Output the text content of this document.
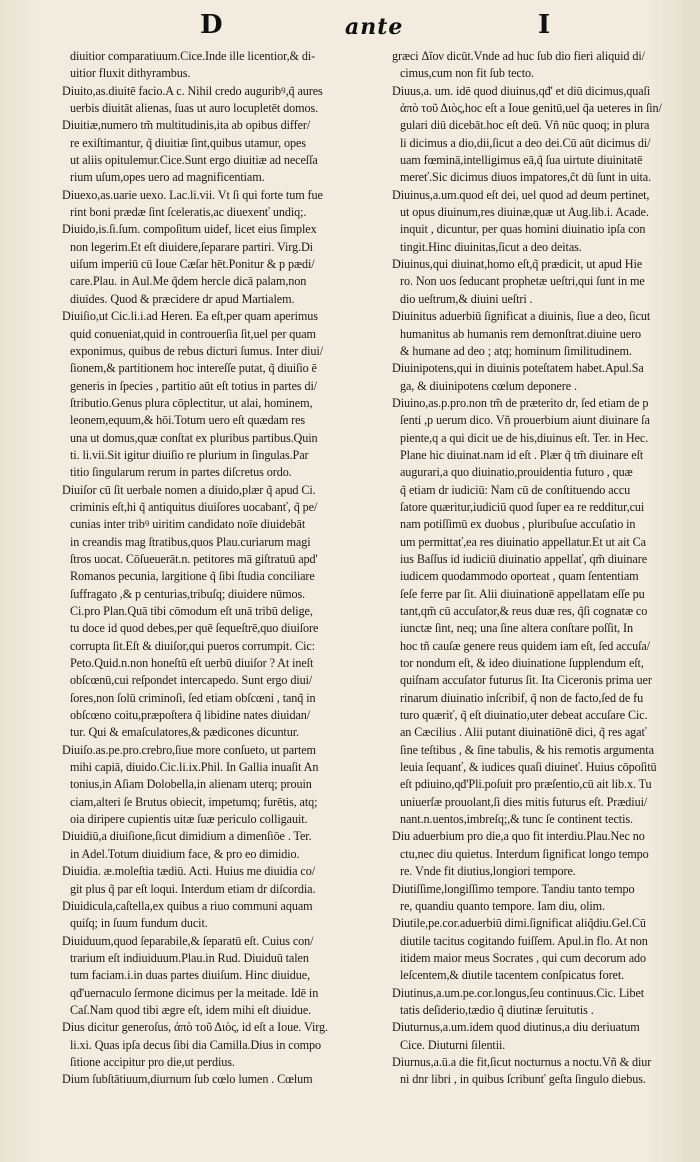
D	ante	I
diuitior comparatiuum.Cice.Inde ille licentior,& di-
uitior fluxit dithyrambus.
Diuito,as.diuitē facio.A c. Nihil credo auguribꝰ,q̃ aures
uerbis diuitāt alienas, ſuas ut auro locupletēt domos.
Diuitiæ,numero tm̃ multitudinis,ita ab opibus differ/
re exiſtimantur, q̃ diuitiæ ſint,quibus utamur, opes
ut aliis opitulemur.Cice.Sunt ergo diuitiæ ad neceſſa
rium uſum,opes uero ad magnificentiam.
Diuexo,as.uarie uexo. Lac.li.vii. Vt ſi qui forte tum fue
rint boni prædæ ſint ſceleratis,ac diuexenť undiq;.
Diuido,is.ſi.ſum. compoſitum uidef, licet eius ſimplex
non legerim.Et eſt diuidere,ſeparare partiri. Virg.Di
uiſum imperiū cū Ioue Cæſar hēt.Ponitur & p pædi/
care.Plau. in Aul.Me q̃dem hercle dicā palam,non
diuides. Quod & præcidere dr apud Martialem.
Diuiſio,ut Cic.li.i.ad Heren. Ea eſt,per quam aperimus
quid conueniat,quid in controuerſia ſit,uel per quam
exponimus, quibus de rebus dicturi ſumus. Inter diui/
ſionem,& partitionem hoc intereſſe putat, q̃ diuiſio ē
generis in ſpecies , partitio aūt eſt totius in partes di/
ſtributio.Genus plura cōplectitur, ut alai, hominem,
leonem,equum,& hōi.Totum uero eſt quædam res
una ut domus,quæ conſtat ex pluribus partibus.Quin
ti. li.vii.Sit igitur diuiſio re plurium in ſingulas.Par
titio ſingularum rerum in partes diſcretus ordo.
Diuiſor cū ſit uerbale nomen a diuido,plær q̃ apud Ci.
criminis eſt,hi q̃ antiquitus diuiſores uocabanť, q̃ pe/
cunias inter tribꝰ uiritim candidato noīe diuidebāt
in creandis mag ſtratibus,quos Plau.curiarum magi
ſtros uocat. Cōſueuerāt.n. petitores mā giſtratuū apd'
Romanos pecunia, largitione q̃ ſibi ſtudia conciliare
ſuffragato ,& p centurias,tribuſq; diuidere nūmos.
Ci.pro Plan.Quā tibi cōmodum eſt unā tribū delige,
tu doce id quod debes,per quē ſequeſtrē,quo diuiſore
corrupta ſit.Eſt & diuiſor,qui pueros corrumpit. Cic:
Peto.Quid.n.non honeſtū eſt uerbū diuiſor ? At ineſt
obſcœnū,cui reſpondet intercapedo. Sunt ergo diui/
ſores,non ſolū criminoſi, ſed etiam obſcœni , tanq̃ in
obſcœno coitu,præpoſtera q̃ libidine nates diuidan/
tur. Qui & emaſculatores,& pædicones dicuntur.
Diuiſo.as.pe.pro.crebro,ſiue more conſueto, ut partem
mihi capiā, diuido.Cic.li.ix.Phil. In Gallia inuaſit An
tonius,in Aſiam Dolobella,in alienam uterq; prouin
ciam,alteri ſe Brutus obiecit, impetumq; furētis, atq;
oia diripere cupientis uitæ ſuæ periculo colligauit.
Diuidiū,a diuiſione,ſicut dimidium a dimenſiōe . Ter.
in Adel.Totum diuidium face, & pro eo dimidio.
Diuidia. æ.moleſtia tædiū. Acti. Huius me diuidia co/
git plus q̃ par eſt loqui. Interdum etiam dr diſcordia.
Diuidicula,caſtella,ex quibus a riuo communi aquam
quiſq; in ſuum fundum ducit.
Diuiduum,quod ſeparabile,& ſeparatū eſt. Cuius con/
trarium eſt indiuiduum.Plau.in Rud. Diuiduū talen
tum faciam.i.in duas partes diuiſum. Hinc diuidue,
qđ'uernaculo ſermone dicimus per la meitade. Idē in
Caſ.Nam quod tibi ægre eſt, idem mihi eſt diuidue.
Dius dicitur generoſus, ἀπὸ τοῦ Διὸς, id eſt a Ioue. Virg.
li.xi. Quas ipſa decus ſibi dia Camilla.Dius in compo
ſitione accipitur pro die,ut perdius.
Dium ſubſtātiuum,diurnum ſub cœlo lumen . Cœlum
græci Δῖον dicūt.Vnde ad huc ſub dio fieri aliquid di/
cimus,cum non fit ſub tecto.
Diuus,a. um. idē quod diuinus,qđ' et diū dicimus,quaſi
ἀπὸ τοῦ Διὸς,hoc eſt a Ioue genitū,uel q̃a ueteres in ſin/
gulari diū dicebāt.hoc eſt deū. Vñ nūc quoq; in plura
li dicimus a dio,dii,ſicut a deo dei.Cū aūt dicimus di/
uam fœminā,intelligimus eā,q̃ ſua uirtute diuinitatē
mereť.Sic dicimus diuos impatores,ĉt dū ſunt in uita.
Diuinus,a.um.quod eſt dei, uel quod ad deum pertinet,
ut opus diuinum,res diuinæ,quæ ut Aug.lib.i. Acade.
inquit , dicuntur, per quas homini diuinatio ipſa con
tingit.Hinc diuinitas,ſicut a deo deitas.
Diuinus,qui diuinat,homo eſt,q̃ prædicit, ut apud Hie
ro. Non uos ſeducant prophetæ ueſtri,qui ſunt in me
dio ueſtrum,& diuini ueſtri .
Diuinitus aduerbiū ſignificat a diuinis, ſiue a deo, ſicut
humanitus ab humanis rem demonſtrat.diuine uero
& humane ad deo ; atq; hominum ſimilitudinem.
Diuinipotens,qui in diuinis poteſtatem habet.Apul.Sa
ga, & diuinipotens cœlum deponere .
Diuino,as.p.pro.non tm̃ de præterito dr, ſed etiam de p
ſenti ,p uerum dico. Vñ prouerbium aiunt diuinare ſa
piente,q a qui dicit ue de his,diuinus eſt. Ter. in Hec.
Plane hic diuinat.nam id eſt . Plær q̃ tm̃ diuinare eſt
augurari,a quo diuinatio,prouidentia futuro , quæ
q̃ etiam dr iudiciū: Nam cū de conſtituendo accu
ſatore quæritur,iudiciū quod ſuper ea re redditur,cui
nam potiſſimū ex duobus , pluribuſue accuſatio in
um permittať,ea res diuinatio appellatur.Et ut ait Ca
ius Baſſus id iudiciū diuinatio appellať, qm̃ diuinare
iudicem quodammodo oporteat , quam ſententiam
ſeſe ferre par ſit. Alii diuinationē appellatam eſſe pu
tant,qm̃ cū accuſator,& reus duæ res, q̃ſi cognatæ co
iunctæ ſint, neq; una ſine altera conſtare poſſit, In
hoc tñ cauſæ genere reus quidem iam eſt, ſed accuſa/
tor nondum eſt, & ideo diuinatione ſupplendum eſt,
quiſnam accuſator futurus ſit. Ita Ciceronis prima uer
rinarum diuinatio inſcribif, q̃ non de facto,ſed de fu
turo quæriť, q̃ eſt diuinatio,uter debeat accuſare Cic.
an Cæcilius . Alii putant diuinatiōnē dici, q̃ res agať
ſine teſtibus , & ſine tabulis, & his remotis argumenta
leuia ſequanť, & iudices quaſi diuineť. Huius cōpoſitū
eſt pdiuino,qđ'Pli.poſuit pro præſentio,cū ait lib.x. Tu
uniuerſæ prouolant,ſi dies mitis futurus eſt. Prædiui/
nant.n.uentos,imbreſq;,& tunc ſe continent tectis.
Diu aduerbium pro die,a quo fit interdiu.Plau.Nec no
ctu,nec diu quietus. Interdum ſignificat longo tempo
re. Vnde fit diutius,longiori tempore.
Diutiſſime,longiſſimo tempore. Tandiu tanto tempo
re, quandiu quanto tempore. Iam diu, olim.
Diutile,pe.cor.aduerbiū dimi.ſignificat aliq̃diu.Gel.Cū
diutile tacitus cogitando fuiſſem. Apul.in flo. At non
itidem maior meus Socrates , qui cum decorum ado
leſcentem,& diutile tacentem conſpicatus foret.
Diutinus,a.um.pe.cor.longus,ſeu continuus.Cic. Libet
tatis deſiderio,tædio q̃ diutinæ ſeruitutis .
Diuturnus,a.um.idem quod diutinus,a diu deriuatum
Cice. Diuturni ſilentii.
Diurnus,a.ū.a die fit,ſicut nocturnus a noctu.Vñ & diur
ni dnr libri , in quibus ſcribunť geſta ſingulo diebus.
